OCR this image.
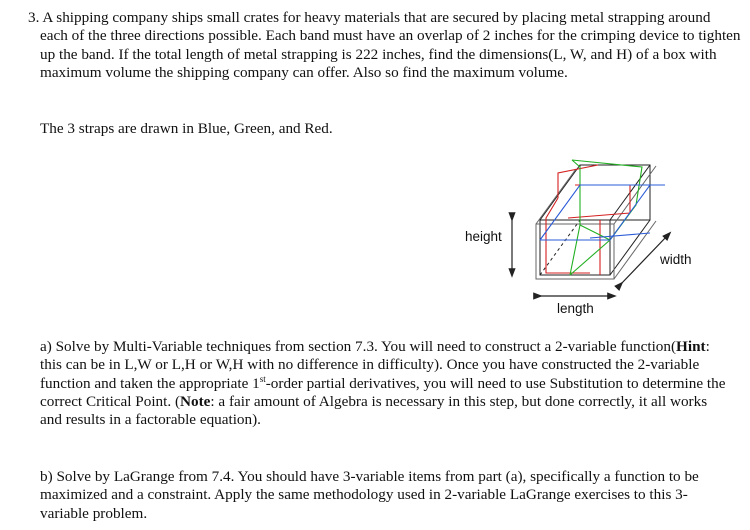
3. A shipping company ships small crates for heavy materials that are secured by placing metal strapping around each of the three directions possible. Each band must have an overlap of 2 inches for the crimping device to tighten up the band. If the total length of metal strapping is 222 inches, find the dimensions(L, W, and H) of a box with maximum volume the shipping company can offer. Also so find the maximum volume.

The 3 straps are drawn in Blue, Green, and Red.

height
width
length

a) Solve by Multi-Variable techniques from section 7.3. You will need to construct a 2-variable function(Hint: this can be in L,W or L,H or W,H with no difference in difficulty). Once you have constructed the 2-variable function and taken the appropriate 1st-order partial derivatives, you will need to use Substitution to determine the correct Critical Point. (Note: a fair amount of Algebra is necessary in this step, but done correctly, it all works and results in a factorable equation).

b) Solve by LaGrange from 7.4. You should have 3-variable items from part (a), specifically a function to be maximized and a constraint. Apply the same methodology used in 2-variable LaGrange exercises to this 3-variable problem.
